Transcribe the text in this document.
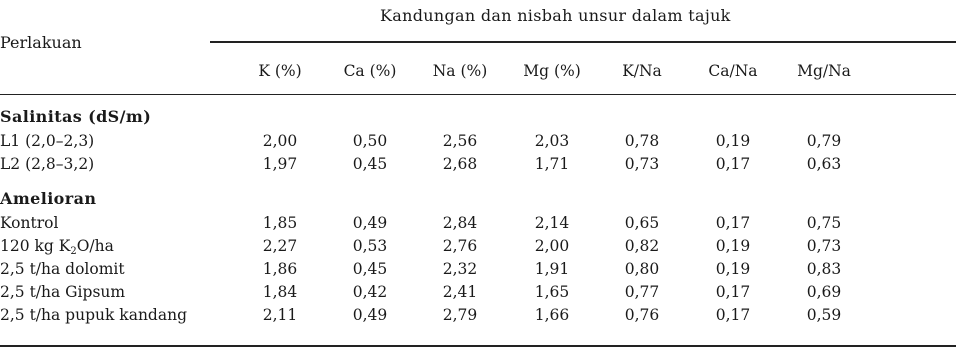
Kandungan dan nisbah unsur dalam tajuk
Perlakuan
K (%)	Ca (%)	Na (%)	Mg (%)	K/Na	Ca/Na	Mg/Na
Salinitas (dS/m)
L1 (2,0–2,3)	2,00	0,50	2,56	2,03	0,78	0,19	0,79
L2 (2,8–3,2)	1,97	0,45	2,68	1,71	0,73	0,17	0,63
Amelioran
Kontrol	1,85	0,49	2,84	2,14	0,65	0,17	0,75
120 kg $K_2O/ha$	2,27	0,53	2,76	2,00	0,82	0,19	0,73
2,5 t/ha dolomit	1,86	0,45	2,32	1,91	0,80	0,19	0,83
2,5 t/ha Gipsum	1,84	0,42	2,41	1,65	0,77	0,17	0,69
2,5 t/ha pupuk kandang	2,11	0,49	2,79	1,66	0,76	0,17	0,59
